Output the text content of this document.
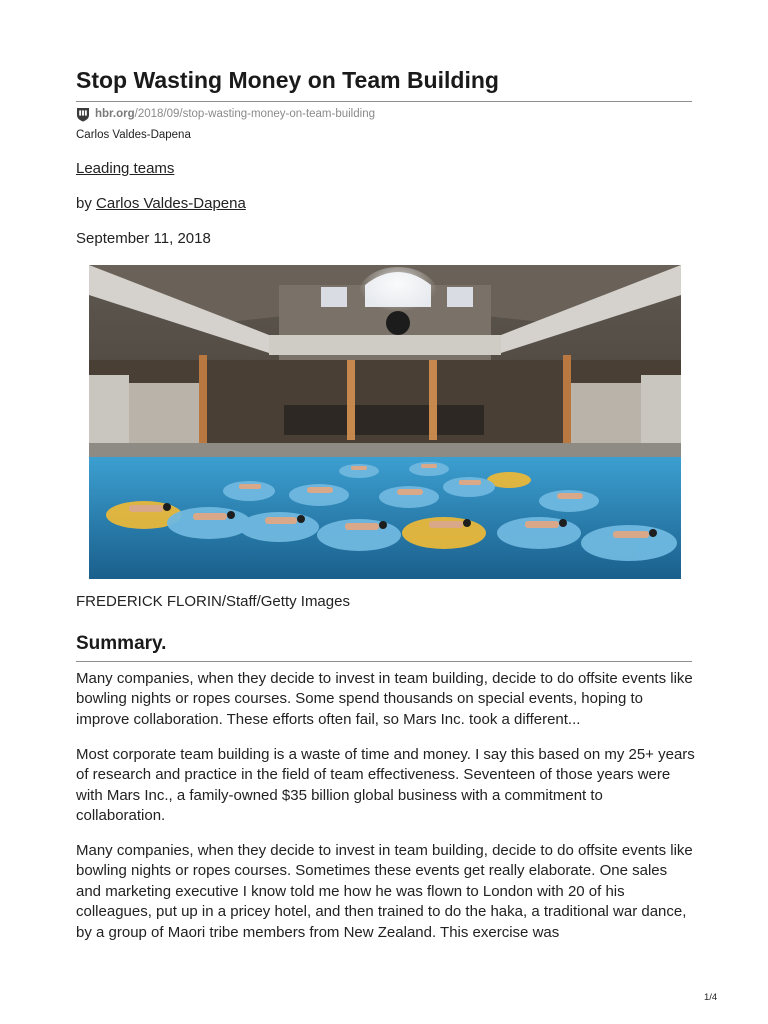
Stop Wasting Money on Team Building
hbr.org /2018/09/stop-wasting-money-on-team-building
Carlos Valdes-Dapena
Leading teams
by Carlos Valdes-Dapena
September 11, 2018
FREDERICK FLORIN/Staff/Getty Images
Summary.

Many companies, when they decide to invest in team building, decide to do offsite events like bowling nights or ropes courses. Some spend thousands on special events, hoping to improve collaboration. These efforts often fail, so Mars Inc. took a different...

Most corporate team building is a waste of time and money. I say this based on my 25+ years of research and practice in the field of team effectiveness. Seventeen of those years were with Mars Inc., a family-owned $35 billion global business with a commitment to collaboration.

Many companies, when they decide to invest in team building, decide to do offsite events like bowling nights or ropes courses. Sometimes these events get really elaborate. One sales and marketing executive I know told me how he was flown to London with 20 of his colleagues, put up in a pricey hotel, and then trained to do the haka, a traditional war dance, by a group of Maori tribe members from New Zealand. This exercise was

1/4
